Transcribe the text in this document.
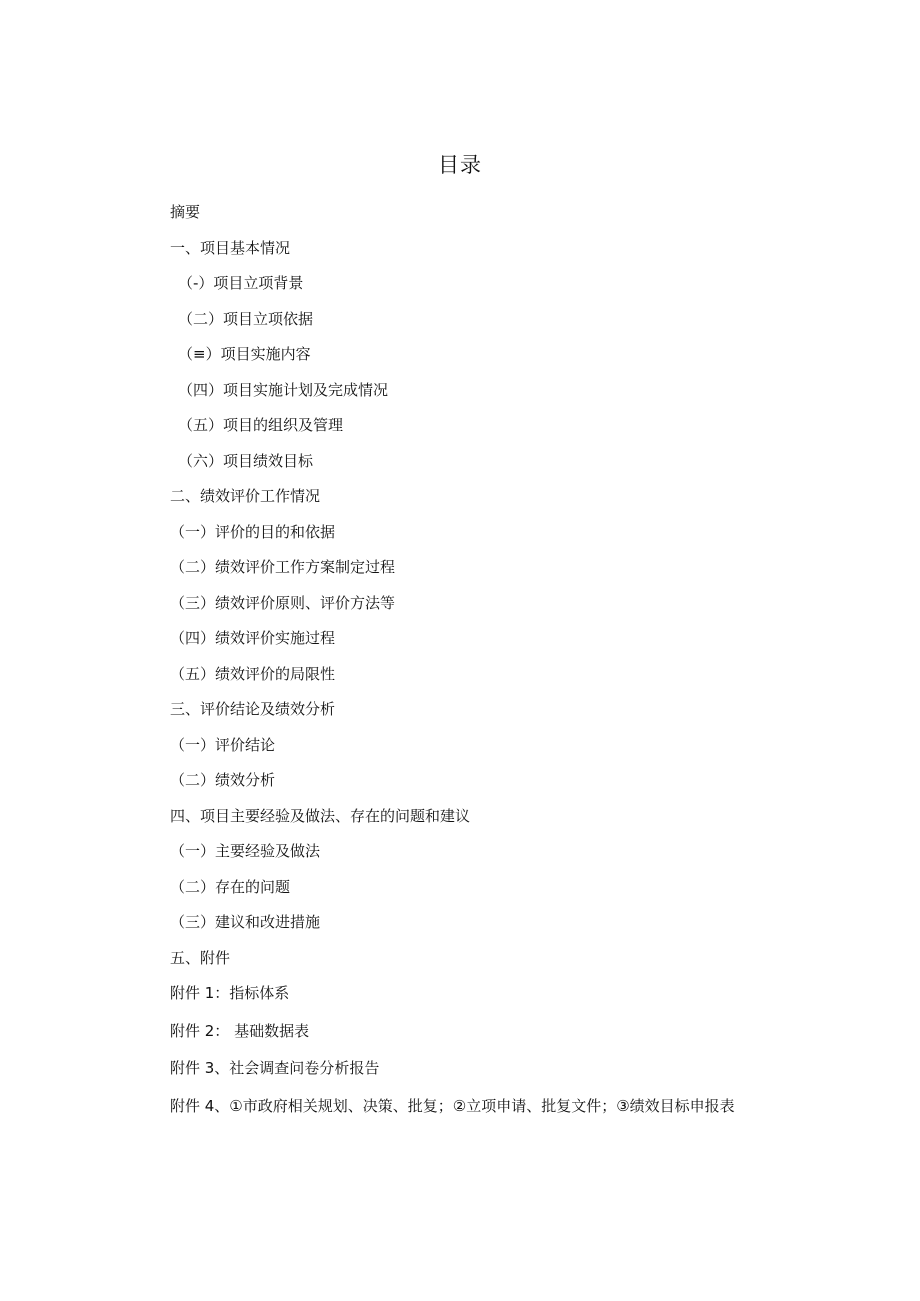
目录
摘要
一、项目基本情况
（-）项目立项背景
（二）项目立项依据
（≡）项目实施内容
（四）项目实施计划及完成情况
（五）项目的组织及管理
（六）项目绩效目标
二、绩效评价工作情况
（一）评价的目的和依据
（二）绩效评价工作方案制定过程
（三）绩效评价原则、评价方法等
（四）绩效评价实施过程
（五）绩效评价的局限性
三、评价结论及绩效分析
（一）评价结论
（二）绩效分析
四、项目主要经验及做法、存在的问题和建议
（一）主要经验及做法
（二）存在的问题
（三）建议和改进措施
五、附件
附件 1：指标体系
附件 2： 基础数据表
附件 3、社会调查问卷分析报告
附件 4、①市政府相关规划、决策、批复；②立项申请、批复文件；③绩效目标申报表
